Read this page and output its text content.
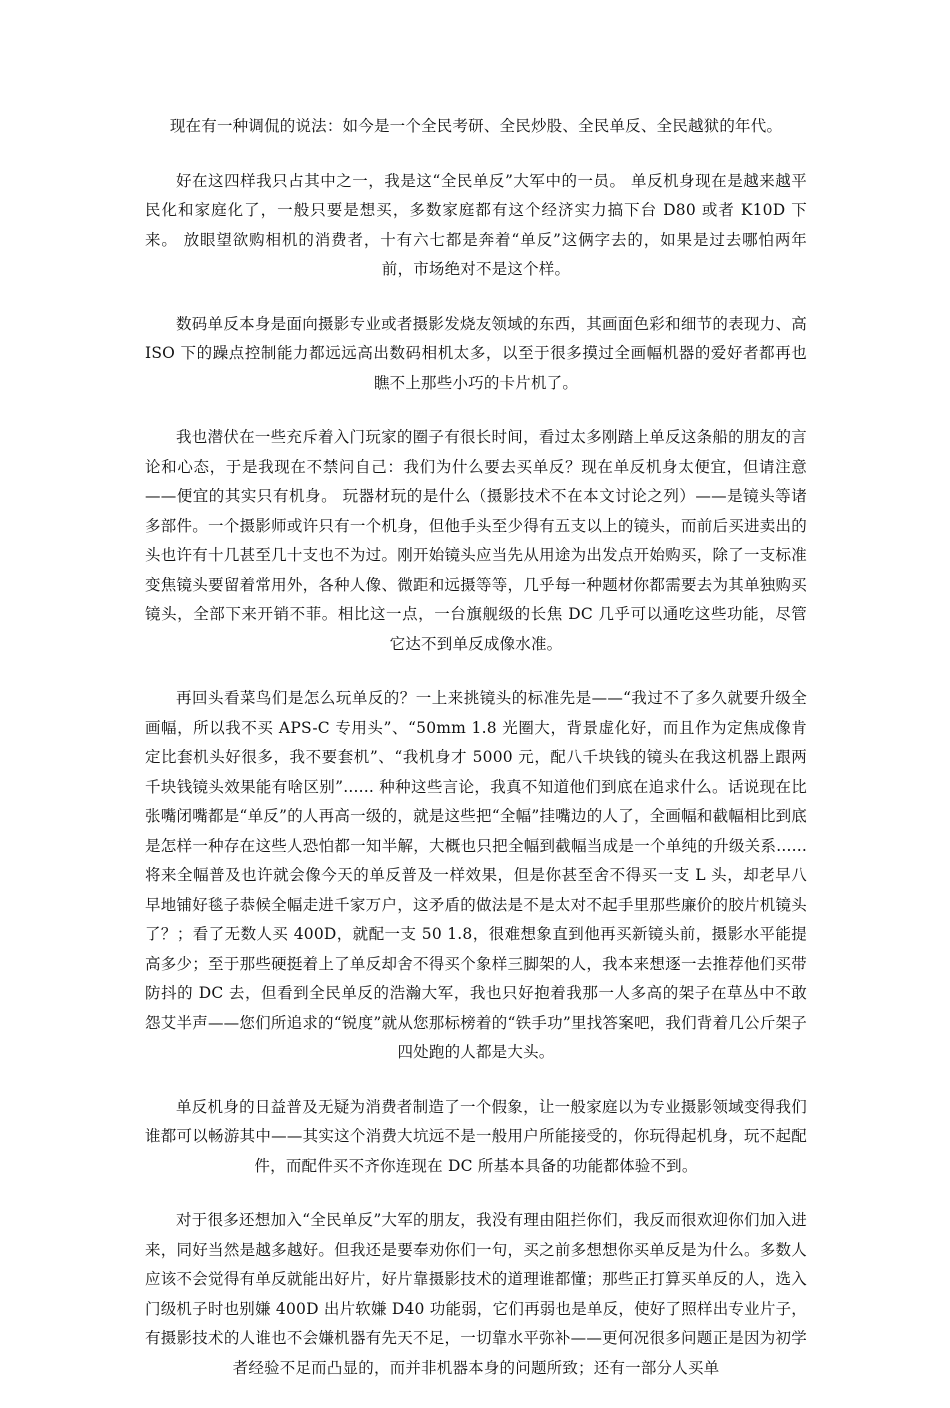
现在有一种调侃的说法：如今是一个全民考研、全民炒股、全民单反、全民越狱的年代。

好在这四样我只占其中之一，我是这“全民单反”大军中的一员。 单反机身现在是越来越平民化和家庭化了，一般只要是想买，多数家庭都有这个经济实力搞下台 D80 或者 K10D 下来。 放眼望欲购相机的消费者，十有六七都是奔着“单反”这俩字去的，如果是过去哪怕两年前，市场绝对不是这个样。

数码单反本身是面向摄影专业或者摄影发烧友领域的东西，其画面色彩和细节的表现力、高 ISO 下的躁点控制能力都远远高出数码相机太多，以至于很多摸过全画幅机器的爱好者都再也瞧不上那些小巧的卡片机了。

我也潜伏在一些充斥着入门玩家的圈子有很长时间，看过太多刚踏上单反这条船的朋友的言论和心态，于是我现在不禁问自己：我们为什么要去买单反？现在单反机身太便宜，但请注意——便宜的其实只有机身。 玩器材玩的是什么（摄影技术不在本文讨论之列）——是镜头等诸多部件。一个摄影师或许只有一个机身，但他手头至少得有五支以上的镜头，而前后买进卖出的头也许有十几甚至几十支也不为过。刚开始镜头应当先从用途为出发点开始购买，除了一支标准变焦镜头要留着常用外，各种人像、微距和远摄等等，几乎每一种题材你都需要去为其单独购买镜头，全部下来开销不菲。相比这一点，一台旗舰级的长焦 DC 几乎可以通吃这些功能，尽管它达不到单反成像水准。

再回头看菜鸟们是怎么玩单反的？一上来挑镜头的标准先是——“我过不了多久就要升级全画幅，所以我不买 APS-C 专用头”、“50mm 1.8 光圈大，背景虚化好，而且作为定焦成像肯定比套机头好很多，我不要套机”、“我机身才 5000 元，配八千块钱的镜头在我这机器上跟两千块钱镜头效果能有啥区别”...... 种种这些言论，我真不知道他们到底在追求什么。话说现在比张嘴闭嘴都是“单反”的人再高一级的，就是这些把“全幅”挂嘴边的人了，全画幅和截幅相比到底是怎样一种存在这些人恐怕都一知半解，大概也只把全幅到截幅当成是一个单纯的升级关系......将来全幅普及也许就会像今天的单反普及一样效果，但是你甚至舍不得买一支 L 头，却老早八早地铺好毯子恭候全幅走进千家万户，这矛盾的做法是不是太对不起手里那些廉价的胶片机镜头了？；看了无数人买 400D，就配一支 50 1.8，很难想象直到他再买新镜头前，摄影水平能提高多少；至于那些硬挺着上了单反却舍不得买个象样三脚架的人，我本来想逐一去推荐他们买带防抖的 DC 去，但看到全民单反的浩瀚大军，我也只好抱着我那一人多高的架子在草丛中不敢怨艾半声——您们所追求的“锐度”就从您那标榜着的“铁手功”里找答案吧，我们背着几公斤架子四处跑的人都是大头。

单反机身的日益普及无疑为消费者制造了一个假象，让一般家庭以为专业摄影领域变得我们谁都可以畅游其中——其实这个消费大坑远不是一般用户所能接受的，你玩得起机身，玩不起配件，而配件买不齐你连现在 DC 所基本具备的功能都体验不到。

对于很多还想加入“全民单反”大军的朋友，我没有理由阻拦你们，我反而很欢迎你们加入进来，同好当然是越多越好。但我还是要奉劝你们一句，买之前多想想你买单反是为什么。多数人应该不会觉得有单反就能出好片，好片靠摄影技术的道理谁都懂；那些正打算买单反的人，选入门级机子时也别嫌 400D 出片软嫌 D40 功能弱，它们再弱也是单反，使好了照样出专业片子，有摄影技术的人谁也不会嫌机器有先天不足，一切靠水平弥补——更何况很多问题正是因为初学者经验不足而凸显的，而并非机器本身的问题所致；还有一部分人买单
